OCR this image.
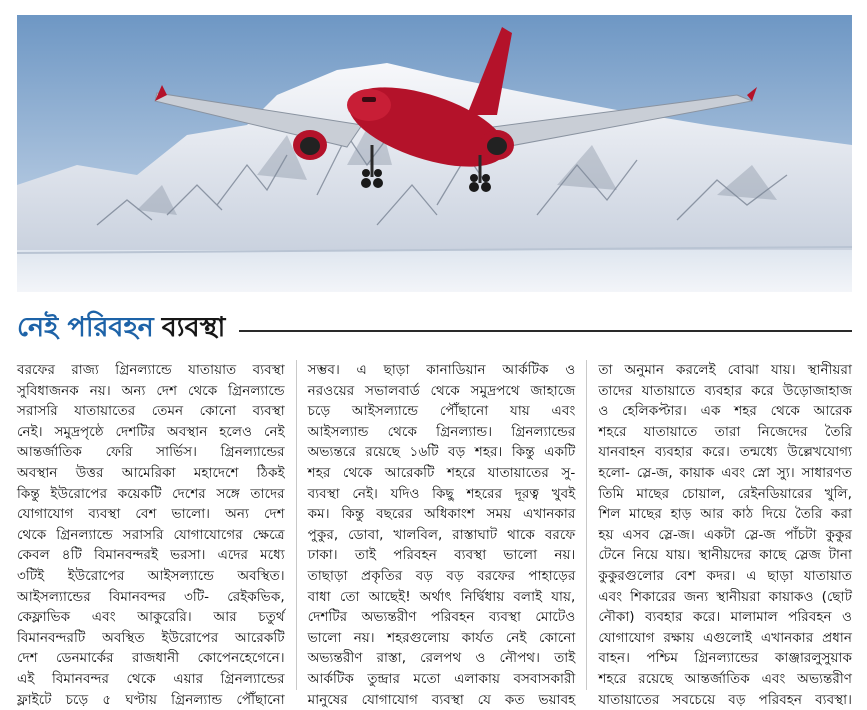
নেই পরিবহন ব্যবস্থা
বরফের রাজ্য গ্রিনল্যান্ডে যাতায়াত ব্যবস্থা
সুবিধাজনক নয়। অন্য দেশ থেকে গ্রিনল্যান্ডে
সরাসরি যাতায়াতের তেমন কোনো ব্যবস্থা
নেই। সমুদ্রপৃষ্ঠে দেশটির অবস্থান হলেও নেই
আন্তর্জাতিক ফেরি সার্ভিস। গ্রিনল্যান্ডের
অবস্থান উত্তর আমেরিকা মহাদেশে ঠিকই
কিন্তু ইউরোপের কয়েকটি দেশের সঙ্গে তাদের
যোগাযোগ ব্যবস্থা বেশ ভালো। অন্য দেশ
থেকে গ্রিনল্যান্ডে সরাসরি যোগাযোগের ক্ষেত্রে
কেবল ৪টি বিমানবন্দরই ভরসা। এদের মধ্যে
৩টিই ইউরোপের আইসল্যান্ডে অবস্থিত।
আইসল্যান্ডের বিমানবন্দর ৩টি- রেইকভিক,
কেফ্লাভিক এবং আকুরেরি। আর চতুর্থ
বিমানবন্দরটি অবস্থিত ইউরোপের আরেকটি
দেশ ডেনমার্কের রাজধানী কোপেনহেগেনে।
এই বিমানবন্দর থেকে এয়ার গ্রিনল্যান্ডের
ফ্লাইটে চড়ে ৫ ঘণ্টায় গ্রিনল্যান্ড পৌঁছানো
সম্ভব। এ ছাড়া কানাডিয়ান আর্কটিক ও
নরওয়ের সভালবার্ড থেকে সমুদ্রপথে জাহাজে
চড়ে আইসল্যান্ডে পৌঁছানো যায় এবং
আইসল্যান্ড থেকে গ্রিনল্যান্ড। গ্রিনল্যান্ডের
অভ্যন্তরে রয়েছে ১৬টি বড় শহর। কিন্তু একটি
শহর থেকে আরেকটি শহরে যাতায়াতের সু-
ব্যবস্থা নেই। যদিও কিছু শহরের দূরত্ব খুবই
কম। কিন্তু বছরের অধিকাংশ সময় এখানকার
পুকুর, ডোবা, খালবিল, রাস্তাঘাট থাকে বরফে
ঢাকা। তাই পরিবহন ব্যবস্থা ভালো নয়।
তাছাড়া প্রকৃতির বড় বড় বরফের পাহাড়ের
বাধা তো আছেই! অর্থাৎ নির্দ্বিধায় বলাই যায়,
দেশটির অভ্যন্তরীণ পরিবহন ব্যবস্থা মোটেও
ভালো নয়। শহরগুলোয় কার্যত নেই কোনো
অভ্যন্তরীণ রাস্তা, রেলপথ ও নৌপথ। তাই
আর্কটিক তুন্দ্রার মতো এলাকায় বসবাসকারী
মানুষের যোগাযোগ ব্যবস্থা যে কত ভয়াবহ
তা অনুমান করলেই বোঝা যায়। স্থানীয়রা
তাদের যাতায়াতে ব্যবহার করে উড়োজাহাজ
ও হেলিকপ্টার। এক শহর থেকে আরেক
শহরে যাতায়াতে তারা নিজেদের তৈরি
যানবাহন ব্যবহার করে। তন্মধ্যে উল্লেখযোগ্য
হলো- স্লে-জ, কায়াক এবং স্নো স্যু। সাধারণত
তিমি মাছের চোয়াল, রেইনডিয়ারের খুলি,
শিল মাছের হাড় আর কাঠ দিয়ে তৈরি করা
হয় এসব স্লে-জ। একটা স্লে-জ পাঁচটা কুকুর
টেনে নিয়ে যায়। স্থানীয়দের কাছে স্লেজ টানা
কুকুরগুলোর বেশ কদর। এ ছাড়া যাতায়াত
এবং শিকারের জন্য স্থানীয়রা কায়াকও (ছোট
নৌকা) ব্যবহার করে। মালামাল পরিবহন ও
যোগাযোগ রক্ষায় এগুলোই এখানকার প্রধান
বাহন। পশ্চিম গ্রিনল্যান্ডের কাঞ্জারলুসুয়াক
শহরে রয়েছে আন্তর্জাতিক এবং অভ্যন্তরীণ
যাতায়াতের সবচেয়ে বড় পরিবহন ব্যবস্থা।
